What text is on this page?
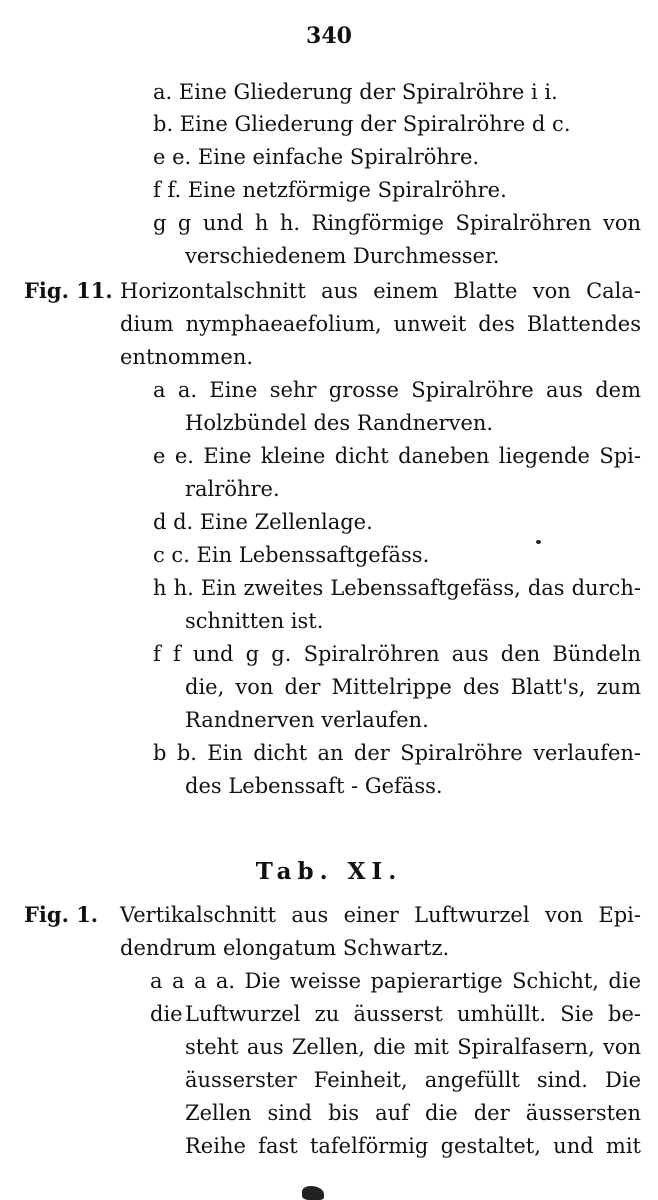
340
a. Eine Gliederung der Spiralröhre i i.
b. Eine Gliederung der Spiralröhre d c.
e e. Eine einfache Spiralröhre.
f f. Eine netzförmige Spiralröhre.
g g und h h. Ringförmige Spiralröhren von
verschiedenem Durchmesser.
Fig. 11. Horizontalschnitt aus einem Blatte von Cala-
dium nymphaeaefolium, unweit des Blattendes
entnommen.
a a. Eine sehr grosse Spiralröhre aus dem
Holzbündel des Randnerven.
e e. Eine kleine dicht daneben liegende Spi-
ralröhre.
d d. Eine Zellenlage.
c c. Ein Lebenssaftgefäss.
h h. Ein zweites Lebenssaftgefäss, das durch-
schnitten ist.
f f und g g. Spiralröhren aus den Bündeln
die, von der Mittelrippe des Blatt's, zum
Randnerven verlaufen.
b b. Ein dicht an der Spiralröhre verlaufen-
des Lebenssaft - Gefäss.
Tab. XI.
Fig. 1. Vertikalschnitt aus einer Luftwurzel von Epi-
dendrum elongatum Schwartz.
a a a a. Die weisse papierartige Schicht, die die Luftwurzel zu äusserst umhüllt. Sie be-
steht aus Zellen, die mit Spiralfasern, von
äusserster Feinheit, angefüllt sind. Die
Zellen sind bis auf die der äussersten
Reihe fast tafelförmig gestaltet, und mit
